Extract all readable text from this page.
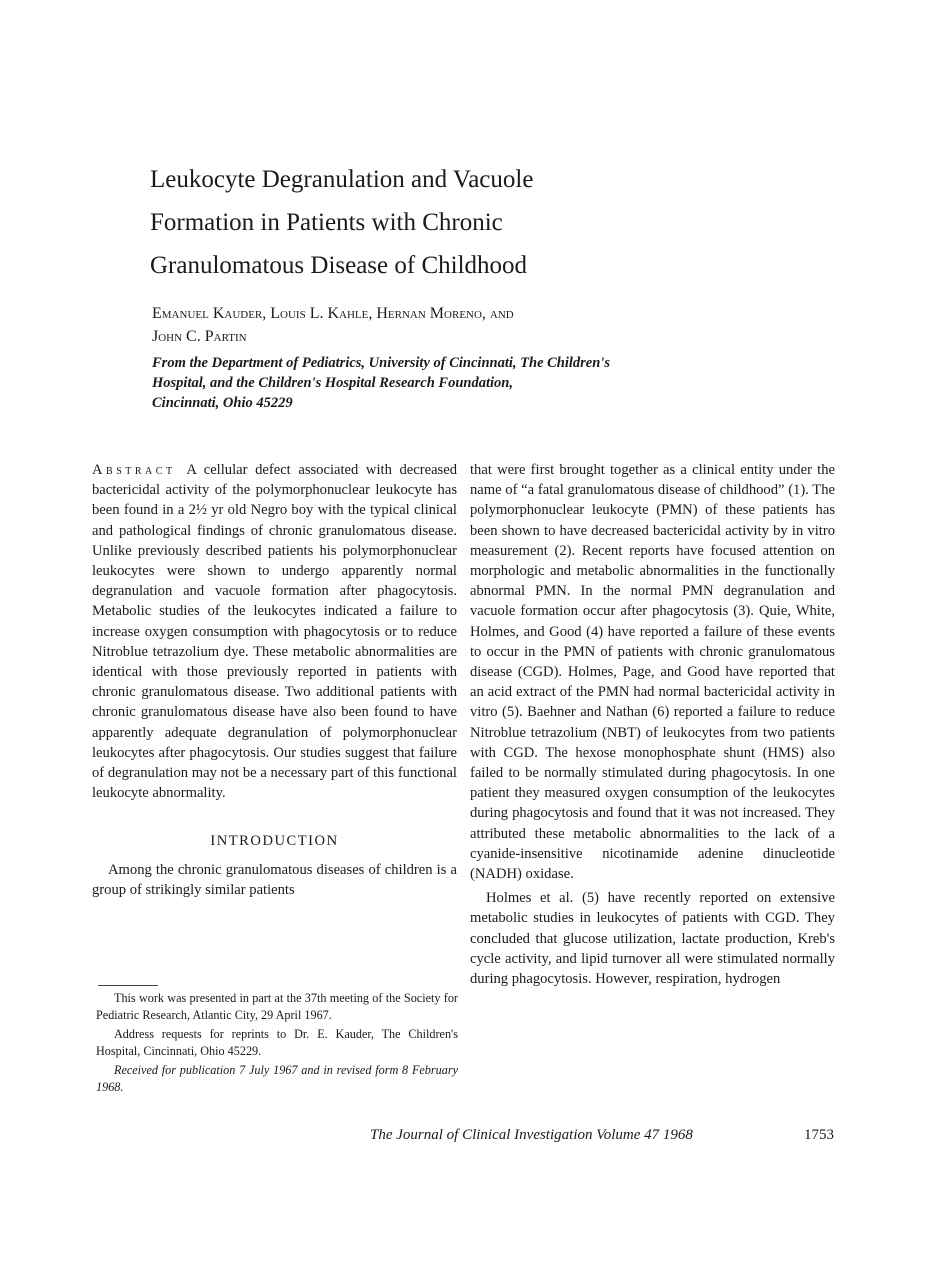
Leukocyte Degranulation and Vacuole
Formation in Patients with Chronic
Granulomatous Disease of Childhood
Emanuel Kauder, Louis L. Kahle, Hernan Moreno, and
John C. Partin
From the Department of Pediatrics, University of Cincinnati, The Children's
Hospital, and the Children's Hospital Research Foundation,
Cincinnati, Ohio 45229

Abstract A cellular defect associated with decreased bactericidal activity of the polymorphonuclear leukocyte has been found in a 2½ yr old Negro boy with the typical clinical and pathological findings of chronic granulomatous disease. Unlike previously described patients his polymorphonuclear leukocytes were shown to undergo apparently normal degranulation and vacuole formation after phagocytosis. Metabolic studies of the leukocytes indicated a failure to increase oxygen consumption with phagocytosis or to reduce Nitroblue tetrazolium dye. These metabolic abnormalities are identical with those previously reported in patients with chronic granulomatous disease. Two additional patients with chronic granulomatous disease have also been found to have apparently adequate degranulation of polymorphonuclear leukocytes after phagocytosis. Our studies suggest that failure of degranulation may not be a necessary part of this functional leukocyte abnormality.

INTRODUCTION

Among the chronic granulomatous diseases of children is a group of strikingly similar patients

This work was presented in part at the 37th meeting of the Society for Pediatric Research, Atlantic City, 29 April 1967.

Address requests for reprints to Dr. E. Kauder, The Children's Hospital, Cincinnati, Ohio 45229.

Received for publication 7 July 1967 and in revised form 8 February 1968.

that were first brought together as a clinical entity under the name of “a fatal granulomatous disease of childhood” (1). The polymorphonuclear leukocyte (PMN) of these patients has been shown to have decreased bactericidal activity by in vitro measurement (2). Recent reports have focused attention on morphologic and metabolic abnormalities in the functionally abnormal PMN. In the normal PMN degranulation and vacuole formation occur after phagocytosis (3). Quie, White, Holmes, and Good (4) have reported a failure of these events to occur in the PMN of patients with chronic granulomatous disease (CGD). Holmes, Page, and Good have reported that an acid extract of the PMN had normal bactericidal activity in vitro (5). Baehner and Nathan (6) reported a failure to reduce Nitroblue tetrazolium (NBT) of leukocytes from two patients with CGD. The hexose monophosphate shunt (HMS) also failed to be normally stimulated during phagocytosis. In one patient they measured oxygen consumption of the leukocytes during phagocytosis and found that it was not increased. They attributed these metabolic abnormalities to the lack of a cyanide-insensitive nicotinamide adenine dinucleotide (NADH) oxidase.

Holmes et al. (5) have recently reported on extensive metabolic studies in leukocytes of patients with CGD. They concluded that glucose utilization, lactate production, Kreb's cycle activity, and lipid turnover all were stimulated normally during phagocytosis. However, respiration, hydrogen

The Journal of Clinical Investigation Volume 47 1968	1753
